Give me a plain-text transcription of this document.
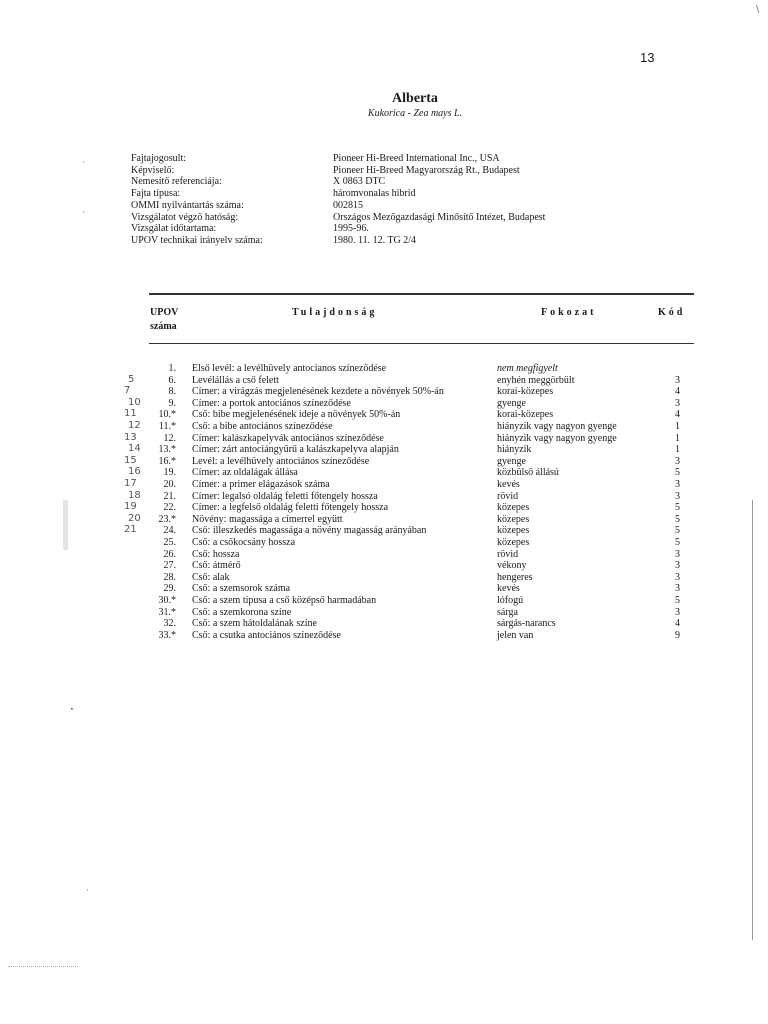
13
Alberta
Kukorica - Zea mays L.
Fajtajogosult:	Pioneer Hi-Breed International Inc., USA
Képviselő:	Pioneer Hi-Breed Magyarország Rt., Budapest
Nemesítő referenciája:	X 0863 DTC
Fajta típusa:	háromvonalas hibrid
OMMI nyilvántartás száma:	002815
Vizsgálatot végző hatóság:	Országos Mezőgazdasági Minősítő Intézet, Budapest
Vizsgálat időtartama:	1995-96.
UPOV technikai irányelv száma:	1980. 11. 12. TG 2/4
UPOV
száma
Tulajdonság	Fokozat	Kód
1. Első levél: a levélhüvely antocianos színeződése	nem megfigyelt
6. Levélállás a cső felett	enyhén meggörbült	3
8. Címer: a virágzás megjelenésének kezdete a növények 50%-án	korai-közepes	4
9. Címer: a portok antociános színeződése	gyenge	3
10.* Cső: bibe megjelenésének ideje a növények 50%-án	korai-közepes	4
11.* Cső: a bibe antociános színeződése	hiányzik vagy nagyon gyenge	1
12. Címer: kalászkapelyvák antociános színeződése	hiányzik vagy nagyon gyenge	1
13.* Címer: zárt antociángyűrű a kalászkapelyva alapján	hiányzik	1
16.* Levél: a levélhüvely antociános színeződése	gyenge	3
19. Címer: az oldalágak állása	közbülső állású	5
20. Címer: a primer elágazások száma	kevés	3
21. Címer: legalsó oldalág feletti főtengely hossza	rövid	3
22. Címer: a legfelső oldalág feletti főtengely hossza	közepes	5
23.* Növény: magassága a címerrel együtt	közepes	5
24. Cső: illeszkedés magassága a növény magasság arányában	közepes	5
25. Cső: a csőkocsány hossza	közepes	5
26. Cső: hossza	rövid	3
27. Cső: átmérő	vékony	3
28. Cső: alak	hengeres	3
29. Cső: a szemsorok száma	kevés	3
30.* Cső: a szem típusa a cső középső harmadában	lófogú	5
31.* Cső: a szemkorona színe	sárga	3
32. Cső: a szem hátoldalának színe	sárgás-narancs	4
33.* Cső: a csutka antociános színeződése	jelen van	9
5
7
10
11
12
13
14
15
16
17
18
19
20
21
·
·
·
·
\
